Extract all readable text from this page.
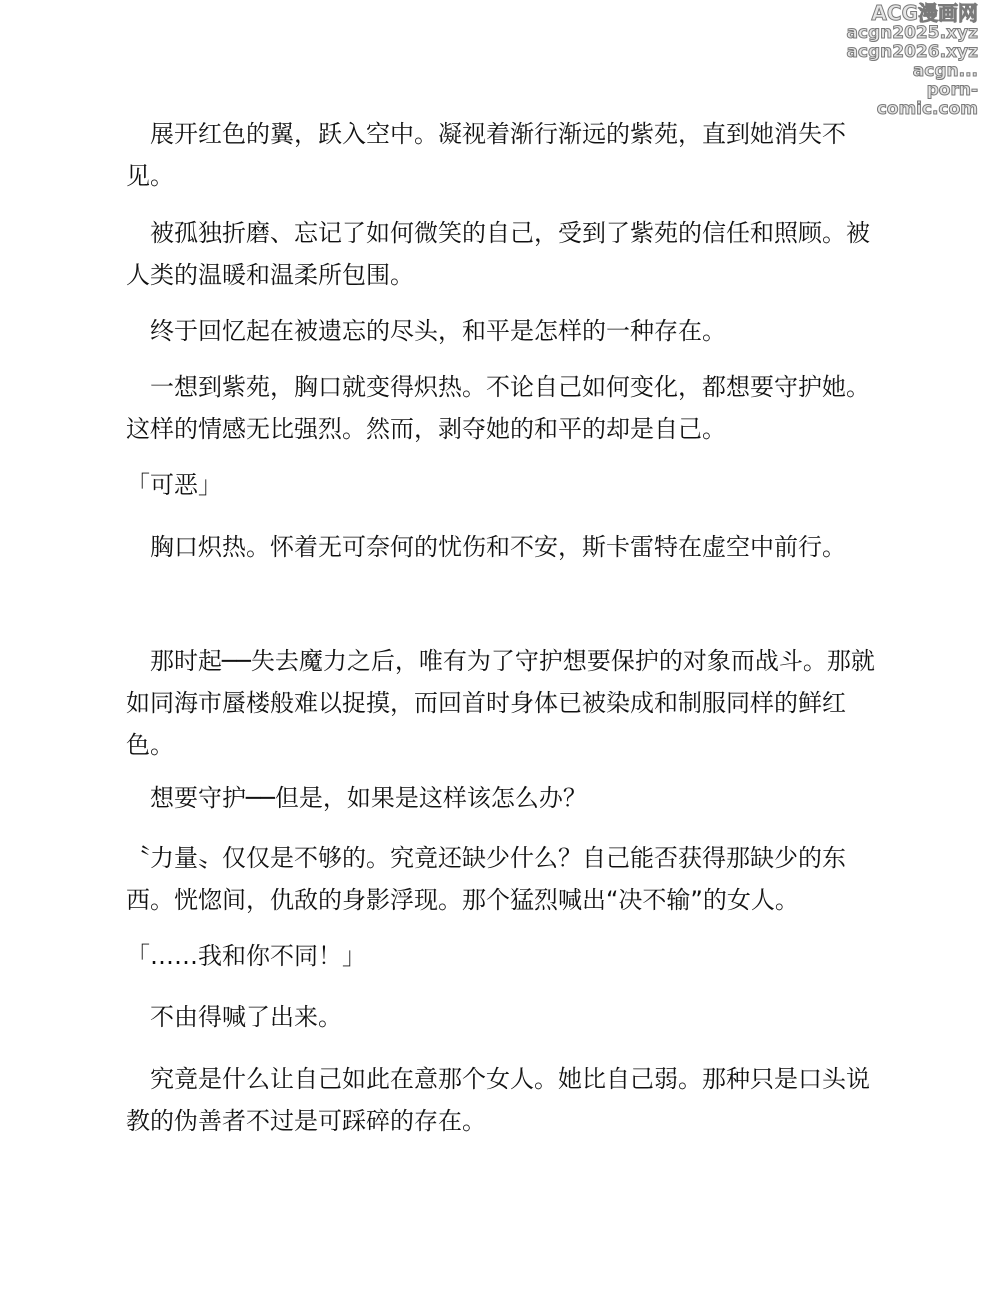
ACG漫画网
acgn2025.xyz
acgn2026.xyz
acgn...
porn-comic.com

　展开红色的翼，跃入空中。凝视着渐行渐远的紫苑，直到她消失不见。

　被孤独折磨、忘记了如何微笑的自己，受到了紫苑的信任和照顾。被人类的温暖和温柔所包围。

　终于回忆起在被遗忘的尽头，和平是怎样的一种存在。

　一想到紫苑，胸口就变得炽热。不论自己如何变化，都想要守护她。这样的情感无比强烈。然而，剥夺她的和平的却是自己。

「可恶」

　胸口炽热。怀着无可奈何的忧伤和不安，斯卡雷特在虚空中前行。

　那时起──失去魔力之后，唯有为了守护想要保护的对象而战斗。那就如同海市蜃楼般难以捉摸，而回首时身体已被染成和制服同样的鲜红色。

　想要守护──但是，如果是这样该怎么办？

〝力量〟仅仅是不够的。究竟还缺少什么？自己能否获得那缺少的东西。恍惚间，仇敌的身影浮现。那个猛烈喊出“决不输”的女人。

「……我和你不同！」

　不由得喊了出来。

　究竟是什么让自己如此在意那个女人。她比自己弱。那种只是口头说教的伪善者不过是可踩碎的存在。
